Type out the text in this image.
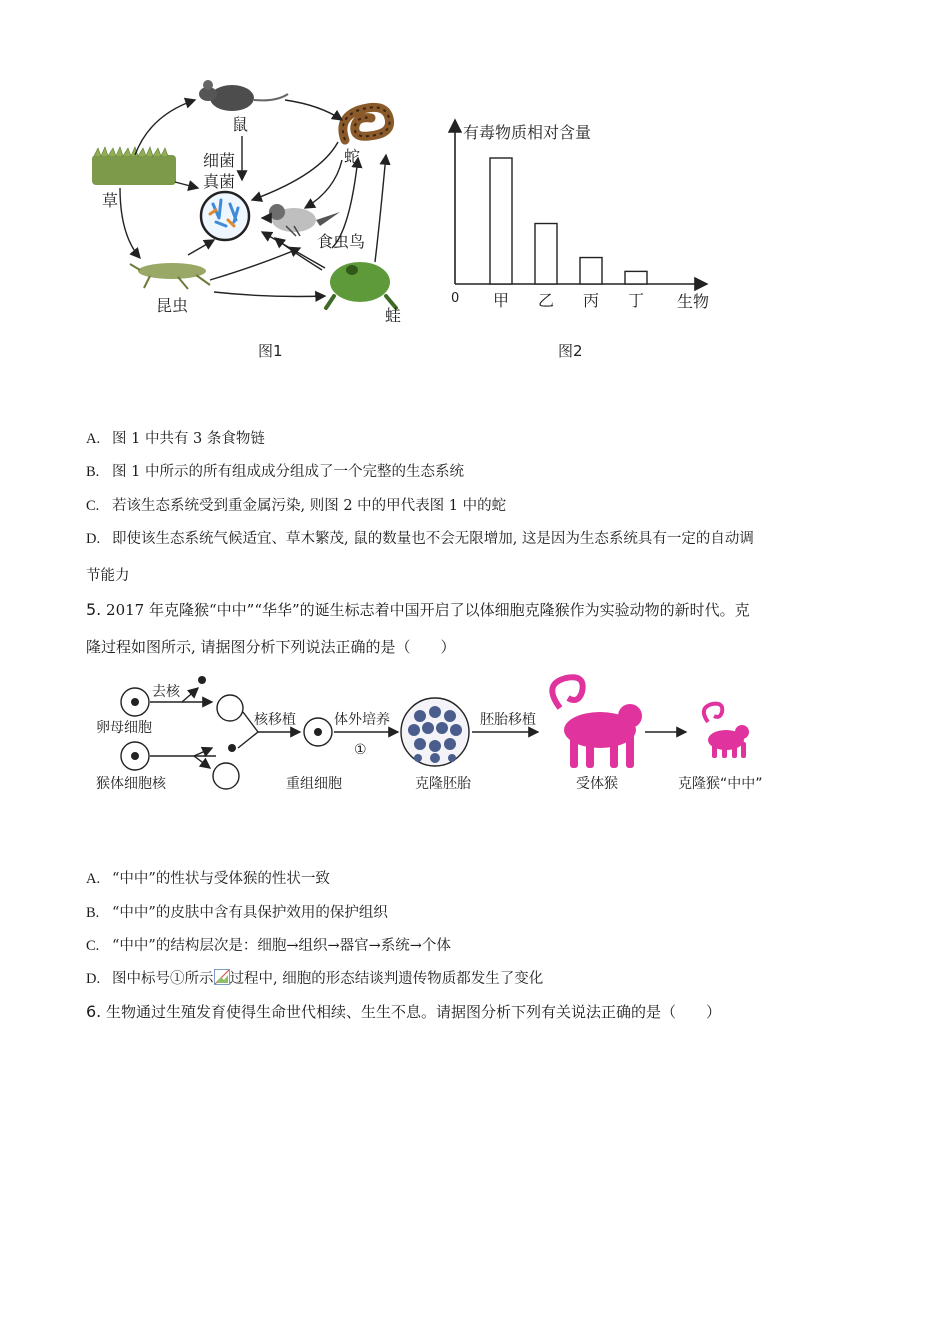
草
鼠
蛇
细菌
真菌
食虫鸟
昆虫
蛙
图1
有毒物质相对含量
0	生物
甲 乙 丙 丁
图2
A. 图 1 中共有 3 条食物链
B. 图 1 中所示的所有组成成分组成了一个完整的生态系统
C. 若该生态系统受到重金属污染, 则图 2 中的甲代表图 1 中的蛇
D. 即使该生态系统气候适宜、草木繁茂, 鼠的数量也不会无限增加, 这是因为生态系统具有一定的自动调
节能力
5. 2017 年克隆猴“中中”“华华”的诞生标志着中国开启了以体细胞克隆猴作为实验动物的新时代。克
隆过程如图所示, 请据图分析下列说法正确的是（　　）
去核
卵母细胞
猴体细胞核
核移植	体外培养
①
重组细胞	克隆胚胎
胚胎移植
受体猴	克隆猴“中中”
A. “中中”的性状与受体猴的性状一致
B. “中中”的皮肤中含有具保护效用的保护组织
C. “中中”的结构层次是：细胞→组织→器官→系统→个体
D. 图中标号①所示 过程中, 细胞的形态结谈判遗传物质都发生了变化
6. 生物通过生殖发育使得生命世代相续、生生不息。请据图分析下列有关说法正确的是（　　）
